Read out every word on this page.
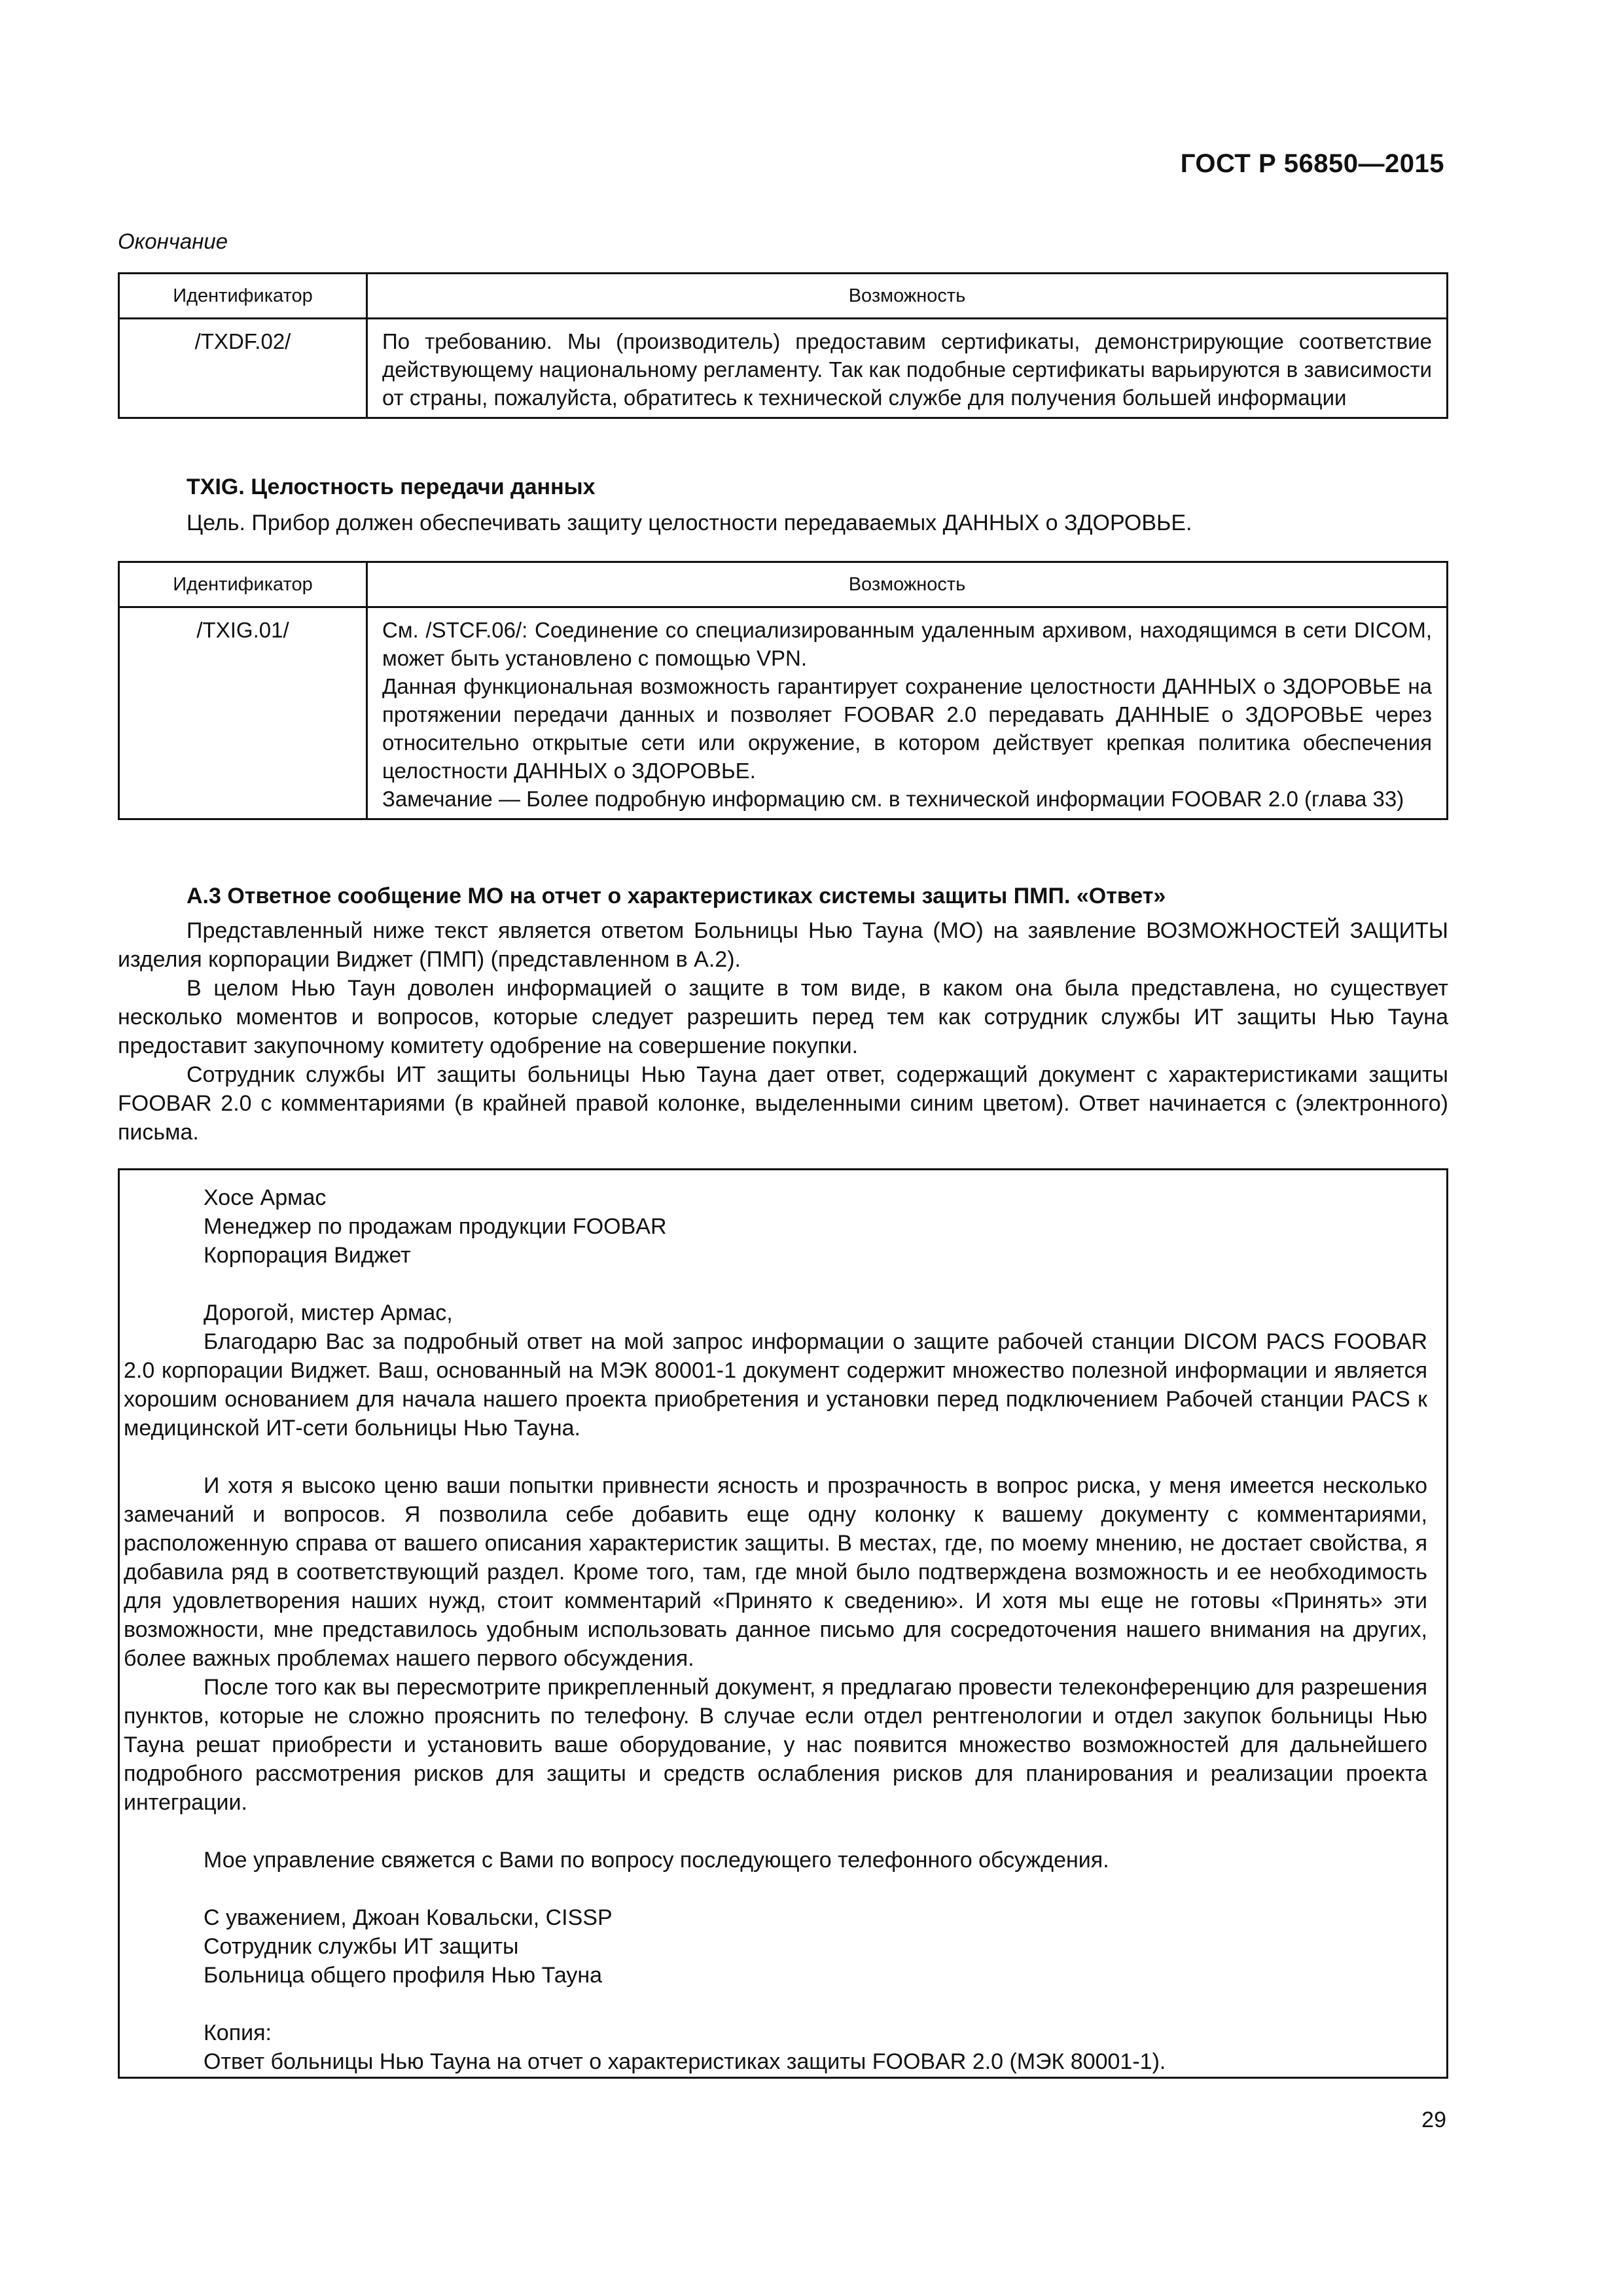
ГОСТ Р 56850—2015
Окончание
Идентификатор	Возможность
/TXDF.02/	По требованию. Мы (производитель) предоставим сертификаты, демонстрирующие соответствие действующему национальному регламенту. Так как подобные сертификаты варьируются в зависимости от страны, пожалуйста, обратитесь к технической службе для получения большей информации
TXIG. Целостность передачи данных
Цель. Прибор должен обеспечивать защиту целостности передаваемых ДАННЫХ о ЗДОРОВЬЕ.
Идентификатор	Возможность
/TXIG.01/	См. /STCF.06/: Соединение со специализированным удаленным архивом, находящимся в сети DICOM, может быть установлено с помощью VPN.

Данная функциональная возможность гарантирует сохранение целостности ДАННЫХ о ЗДОРОВЬЕ на протяжении передачи данных и позволяет FOOBAR 2.0 передавать ДАННЫЕ о ЗДОРОВЬЕ через относительно открытые сети или окружение, в котором действует крепкая политика обеспечения целостности ДАННЫХ о ЗДОРОВЬЕ.

Замечание — Более подробную информацию см. в технической информации FOOBAR 2.0 (глава 33)

А.3 Ответное сообщение МО на отчет о характеристиках системы защиты ПМП. «Ответ»

Представленный ниже текст является ответом Больницы Нью Тауна (МО) на заявление ВОЗМОЖНОСТЕЙ ЗАЩИТЫ изделия корпорации Виджет (ПМП) (представленном в А.2).

В целом Нью Таун доволен информацией о защите в том виде, в каком она была представлена, но существует несколько моментов и вопросов, которые следует разрешить перед тем как сотрудник службы ИТ защиты Нью Тауна предоставит закупочному комитету одобрение на совершение покупки.

Сотрудник службы ИТ защиты больницы Нью Тауна дает ответ, содержащий документ с характеристиками защиты FOOBAR 2.0 с комментариями (в крайней правой колонке, выделенными синим цветом). Ответ начинается с (электронного) письма.

Хосе Армас

Менеджер по продажам продукции FOOBAR

Корпорация Виджет

Дорогой, мистер Армас,

Благодарю Вас за подробный ответ на мой запрос информации о защите рабочей станции DICOM PACS FOOBAR 2.0 корпорации Виджет. Ваш, основанный на МЭК 80001-1 документ содержит множество полезной информации и является хорошим основанием для начала нашего проекта приобретения и установки перед подключением Рабочей станции PACS к медицинской ИТ-сети больницы Нью Тауна.

И хотя я высоко ценю ваши попытки привнести ясность и прозрачность в вопрос риска, у меня имеется несколько замечаний и вопросов. Я позволила себе добавить еще одну колонку к вашему документу с комментариями, расположенную справа от вашего описания характеристик защиты. В местах, где, по моему мнению, не достает свойства, я добавила ряд в соответствующий раздел. Кроме того, там, где мной было подтверждена возможность и ее необходимость для удовлетворения наших нужд, стоит комментарий «Принято к сведению». И хотя мы еще не готовы «Принять» эти возможности, мне представилось удобным использовать данное письмо для сосредоточения нашего внимания на других, более важных проблемах нашего первого обсуждения.

После того как вы пересмотрите прикрепленный документ, я предлагаю провести телеконференцию для разрешения пунктов, которые не сложно прояснить по телефону. В случае если отдел рентгенологии и отдел закупок больницы Нью Тауна решат приобрести и установить ваше оборудование, у нас появится множество возможностей для дальнейшего подробного рассмотрения рисков для защиты и средств ослабления рисков для планирования и реализации проекта интеграции.

Мое управление свяжется с Вами по вопросу последующего телефонного обсуждения.

С уважением, Джоан Ковальски, CISSP

Сотрудник службы ИТ защиты

Больница общего профиля Нью Тауна

Копия:

Ответ больницы Нью Тауна на отчет о характеристиках защиты FOOBAR 2.0 (МЭК 80001-1).

29
